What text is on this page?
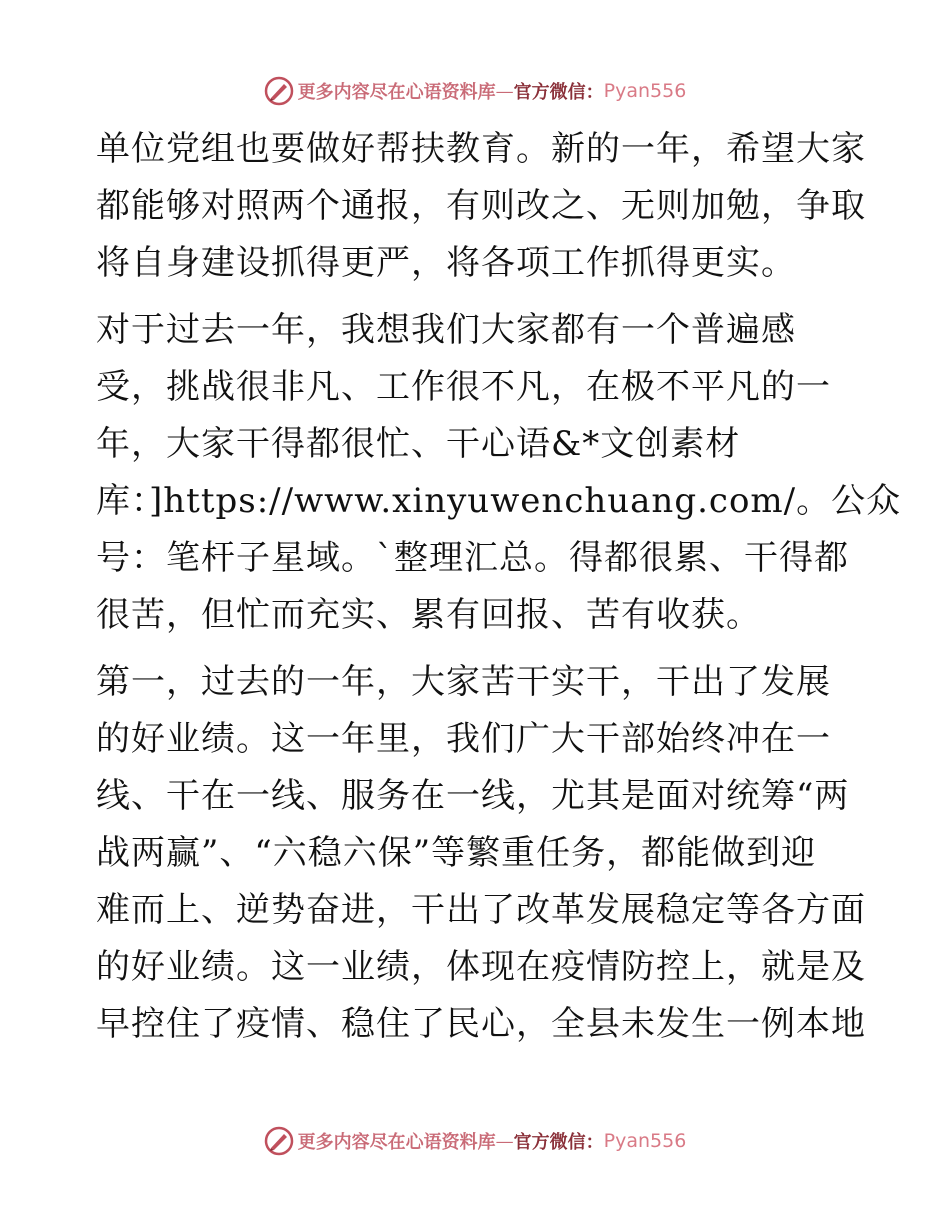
更多内容尽在心语资料库 — 官方微信： Pyan556
单位党组也要做好帮扶教育。新的一年，希望大家
都能够对照两个通报，有则改之、无则加勉，争取
将自身建设抓得更严，将各项工作抓得更实。
对于过去一年，我想我们大家都有一个普遍感
受，挑战很非凡、工作很不凡，在极不平凡的一
年，大家干得都很忙、干心语&*文创素材
库：]https://www.xinyuwenchuang.com/。公众
号：笔杆子星域。`整理汇总。得都很累、干得都
很苦，但忙而充实、累有回报、苦有收获。
第一，过去的一年，大家苦干实干，干出了发展
的好业绩。这一年里，我们广大干部始终冲在一
线、干在一线、服务在一线，尤其是面对统筹“两
战两赢”、“六稳六保”等繁重任务，都能做到迎
难而上、逆势奋进，干出了改革发展稳定等各方面
的好业绩。这一业绩，体现在疫情防控上，就是及
早控住了疫情、稳住了民心，全县未发生一例本地
更多内容尽在心语资料库 — 官方微信： Pyan556
